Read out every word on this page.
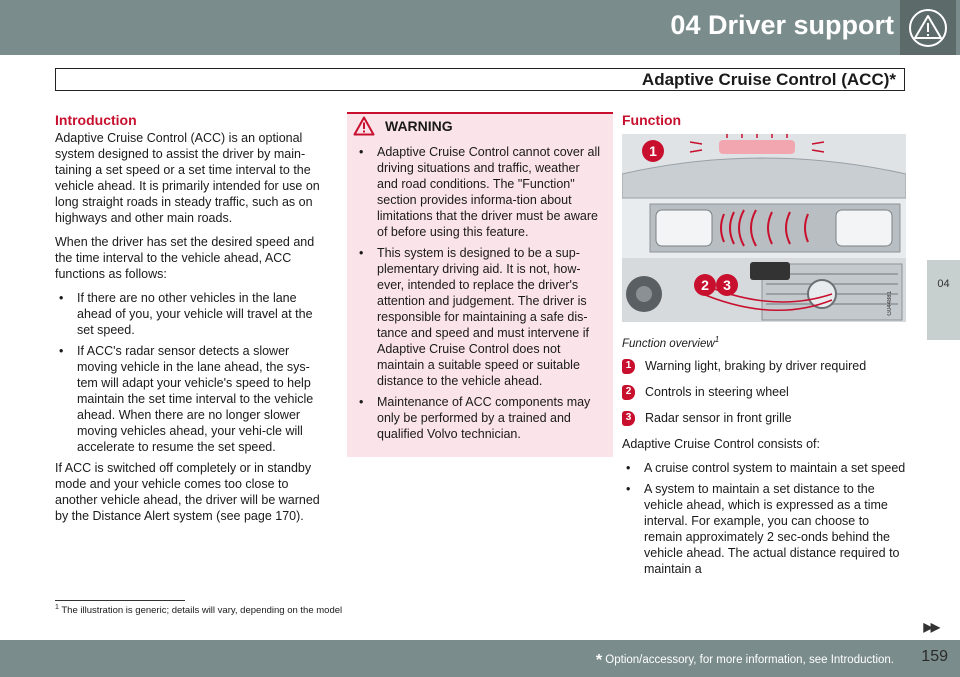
04 Driver support
Adaptive Cruise Control (ACC)*
04
Introduction

Adaptive Cruise Control (ACC) is an optional system designed to assist the driver by main-taining a set speed or a set time interval to the vehicle ahead. It is primarily intended for use on long straight roads in steady traffic, such as on highways and other main roads.

When the driver has set the desired speed and the time interval to the vehicle ahead, ACC functions as follows:

• If there are no other vehicles in the lane ahead of you, your vehicle will travel at the set speed.
• If ACC's radar sensor detects a slower moving vehicle in the lane ahead, the sys-tem will adapt your vehicle's speed to help maintain the set time interval to the vehicle ahead. When there are no longer slower moving vehicles ahead, your vehi-cle will accelerate to resume the set speed.

If ACC is switched off completely or in standby mode and your vehicle comes too close to another vehicle ahead, the driver will be warned by the Distance Alert system (see page 170).

WARNING
• Adaptive Cruise Control cannot cover all driving situations and traffic, weather and road conditions. The "Function" section provides informa-tion about limitations that the driver must be aware of before using this feature.
• This system is designed to be a sup-plementary driving aid. It is not, how-ever, intended to replace the driver's attention and judgement. The driver is responsible for maintaining a safe dis-tance and speed and must intervene if Adaptive Cruise Control does not maintain a suitable speed or suitable distance to the vehicle ahead.
• Maintenance of ACC components may only be performed by a trained and qualified Volvo technician.
Function
1
2	3
G044881
Function overview$^1$
1 Warning light, braking by driver required
2 Controls in steering wheel
3 Radar sensor in front grille

Adaptive Cruise Control consists of:

• A cruise control system to maintain a set speed
• A system to maintain a set distance to the vehicle ahead, which is expressed as a time interval. For example, you can choose to remain approximately 2 sec-onds behind the vehicle ahead. The actual distance required to maintain a
$^1$ The illustration is generic; details will vary, depending on the model
▶▶
* Option/accessory, for more information, see Introduction. 159
